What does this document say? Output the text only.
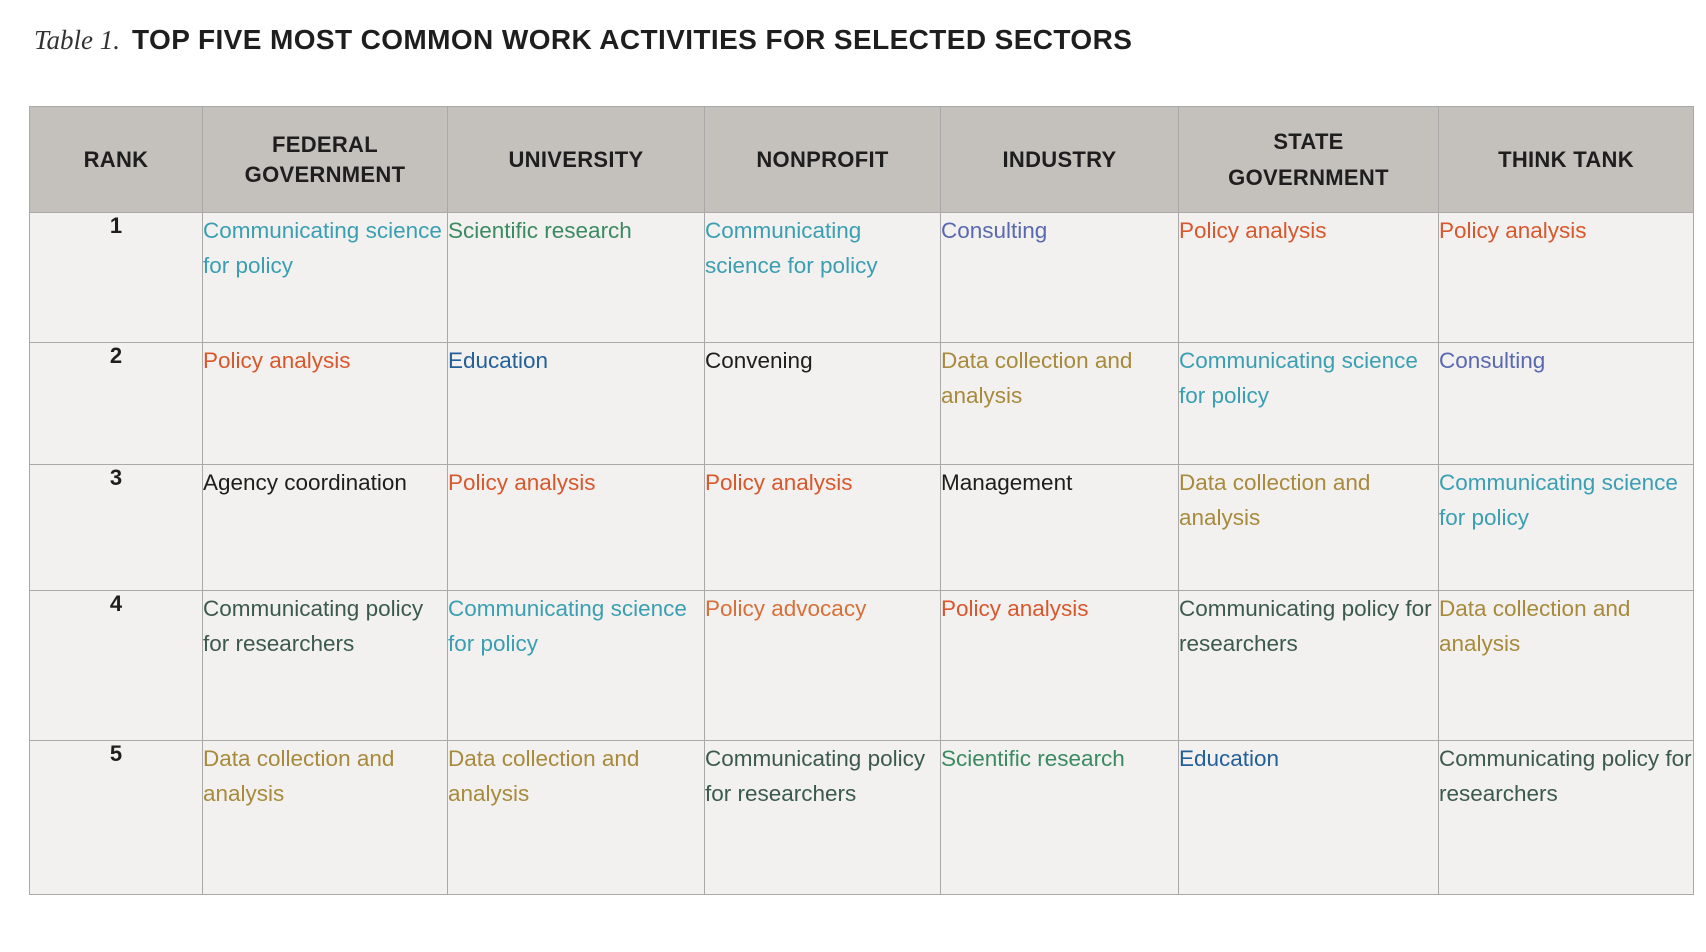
Table 1. TOP FIVE MOST COMMON WORK ACTIVITIES FOR SELECTED SECTORS
RANK	FEDERAL GOVERNMENT	UNIVERSITY	NONPROFIT	INDUSTRY	STATE GOVERNMENT	THINK TANK
1	Communicating science for policy	Scientific research	Communicating science for policy	Consulting	Policy analysis	Policy analysis
2	Policy analysis	Education	Convening	Data collection and analysis	Communicating science for policy	Consulting
3	Agency coordination	Policy analysis	Policy analysis	Management	Data collection and analysis	Communicating science for policy
4	Communicating policy for researchers	Communicating science for policy	Policy advocacy	Policy analysis	Communicating policy for researchers	Data collection and analysis
5	Data collection and analysis	Data collection and analysis	Communicating policy for researchers	Scientific research	Education	Communicating policy for researchers
